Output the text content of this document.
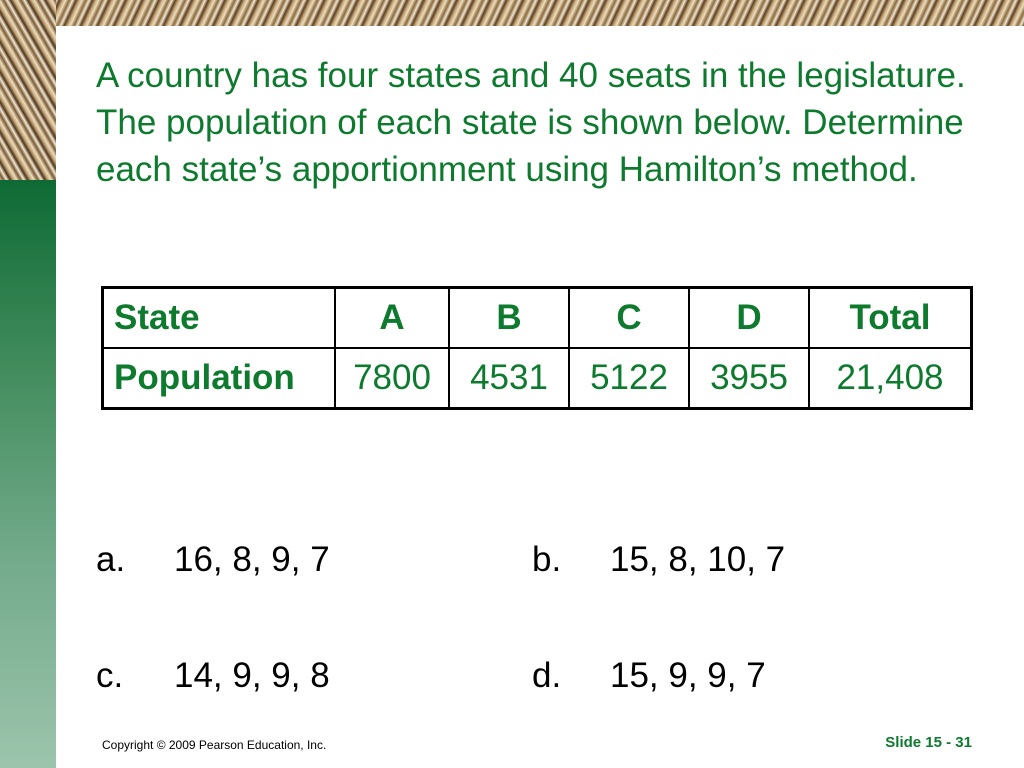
A country has four states and 40 seats in the legislature. The population of each state is shown below. Determine each state’s apportionment using Hamilton’s method.

State	A	B	C	D	Total
Population	7800	4531	5122	3955	21,408
a. 16, 8, 9, 7	b. 15, 8, 10, 7
c. 14, 9, 9, 8	d. 15, 9, 9, 7
Copyright © 2009 Pearson Education, Inc.	Slide 15 - 31
